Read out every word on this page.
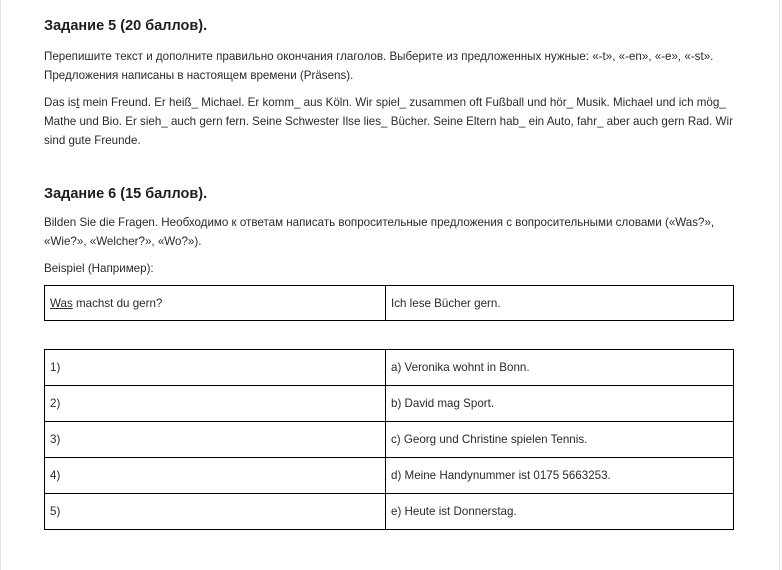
Задание 5 (20 баллов).

Перепишите текст и дополните правильно окончания глаголов. Выберите из предложенных нужные: «-t», «-en», «-e», «-st».

Предложения написаны в настоящем времени (Präsens).

Das ist mein Freund. Er heiß_ Michael. Er komm_ aus Köln. Wir spiel_ zusammen oft Fußball und hör_ Musik. Michael und ich mög_ Mathe und Bio. Er sieh_ auch gern fern. Seine Schwester Ilse lies_ Bücher. Seine Eltern hab_ ein Auto, fahr_ aber auch gern Rad. Wir sind gute Freunde.

Задание 6 (15 баллов).

Bilden Sie die Fragen. Необходимо к ответам написать вопросительные предложения с вопросительными словами («Was?», «Wie?», «Welcher?», «Wo?»).

Beispiel (Например):

Was machst du gern?	Ich lese Bücher gern.
1)	a) Veronika wohnt in Bonn.
2)	b) David mag Sport.
3)	c) Georg und Christine spielen Tennis.
4)	d) Meine Handynummer ist 0175 5663253.
5)	e) Heute ist Donnerstag.
